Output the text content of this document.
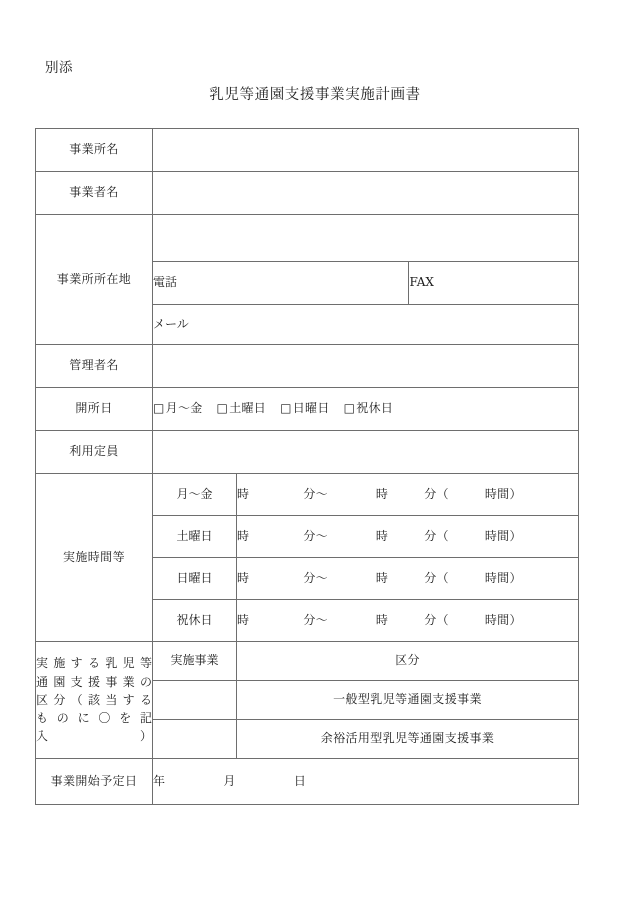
別添
乳児等通園支援事業実施計画書
事業所名	
事業者名	
事業所所在地	電話	FAX
メール

管理者名	
開所日	□月〜金 □土曜日 □日曜日 □祝休日
利用定員	
実施時間等	月〜金	時	分〜	時	分（	時間）
土曜日	時	分〜	時	分（	時間）
日曜日	時	分〜	時	分（	時間）
祝休日	時	分〜	時	分（	時間）

実施する乳児等
通園支援事業の
区分（該当する
ものに〇を記
入）
	実施事業	区分
	一般型乳児等通園支援事業
	余裕活用型乳児等通園支援事業
事業開始予定日	年	月	日
